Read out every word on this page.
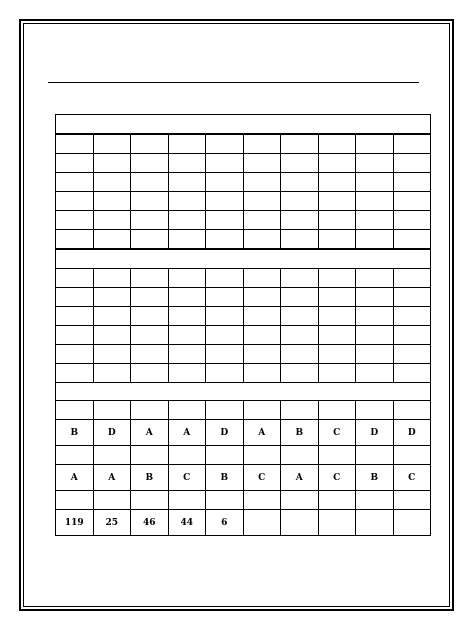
B	D	A	A	D	A	B	C	D	D

A	A	B	C	B	C	A	C	B	C

119	25	46	44	6					
